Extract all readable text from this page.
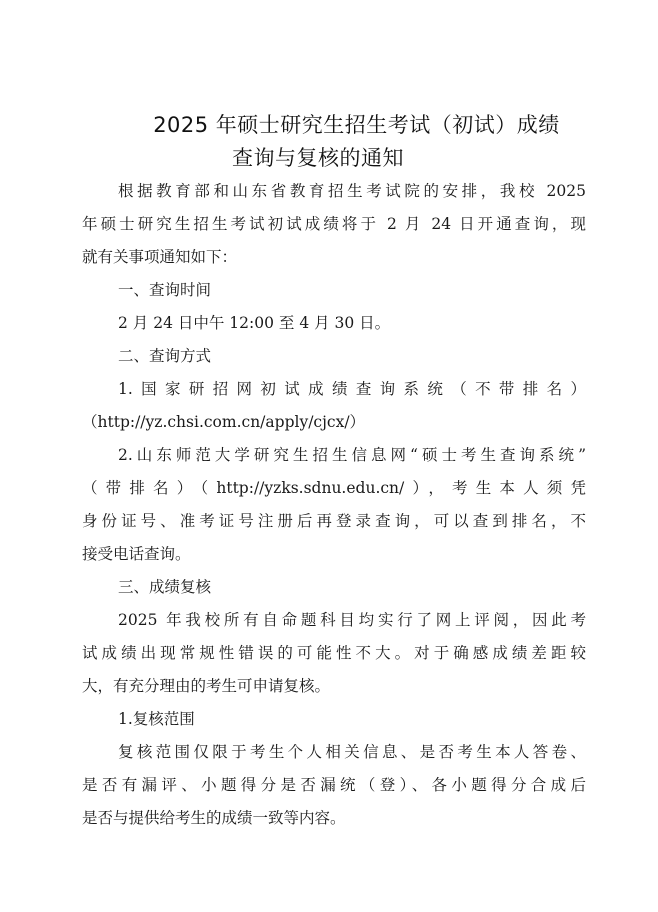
2025 年硕士研究生招生考试（初试）成绩
查询与复核的通知
根据教育部和山东省教育招生考试院的安排，我校 2025
年硕士研究生招生考试初试成绩将于 2 月 24 日开通查询，现
就有关事项通知如下：
一、查询时间
2 月 24 日中午 12:00 至 4 月 30 日。
二、查询方式
1.国家研招网初试成绩查询系统（不带排名）
（http://yz.chsi.com.cn/apply/cjcx/）
2.山东师范大学研究生招生信息网“硕士考生查询系统”
（带排名）（http://yzks.sdnu.edu.cn/），考生本人须凭
身份证号、准考证号注册后再登录查询，可以查到排名，不
接受电话查询。
三、成绩复核
2025 年我校所有自命题科目均实行了网上评阅，因此考
试成绩出现常规性错误的可能性不大。对于确感成绩差距较
大，有充分理由的考生可申请复核。
1.复核范围
复核范围仅限于考生个人相关信息、是否考生本人答卷、
是否有漏评、小题得分是否漏统（登）、各小题得分合成后
是否与提供给考生的成绩一致等内容。
